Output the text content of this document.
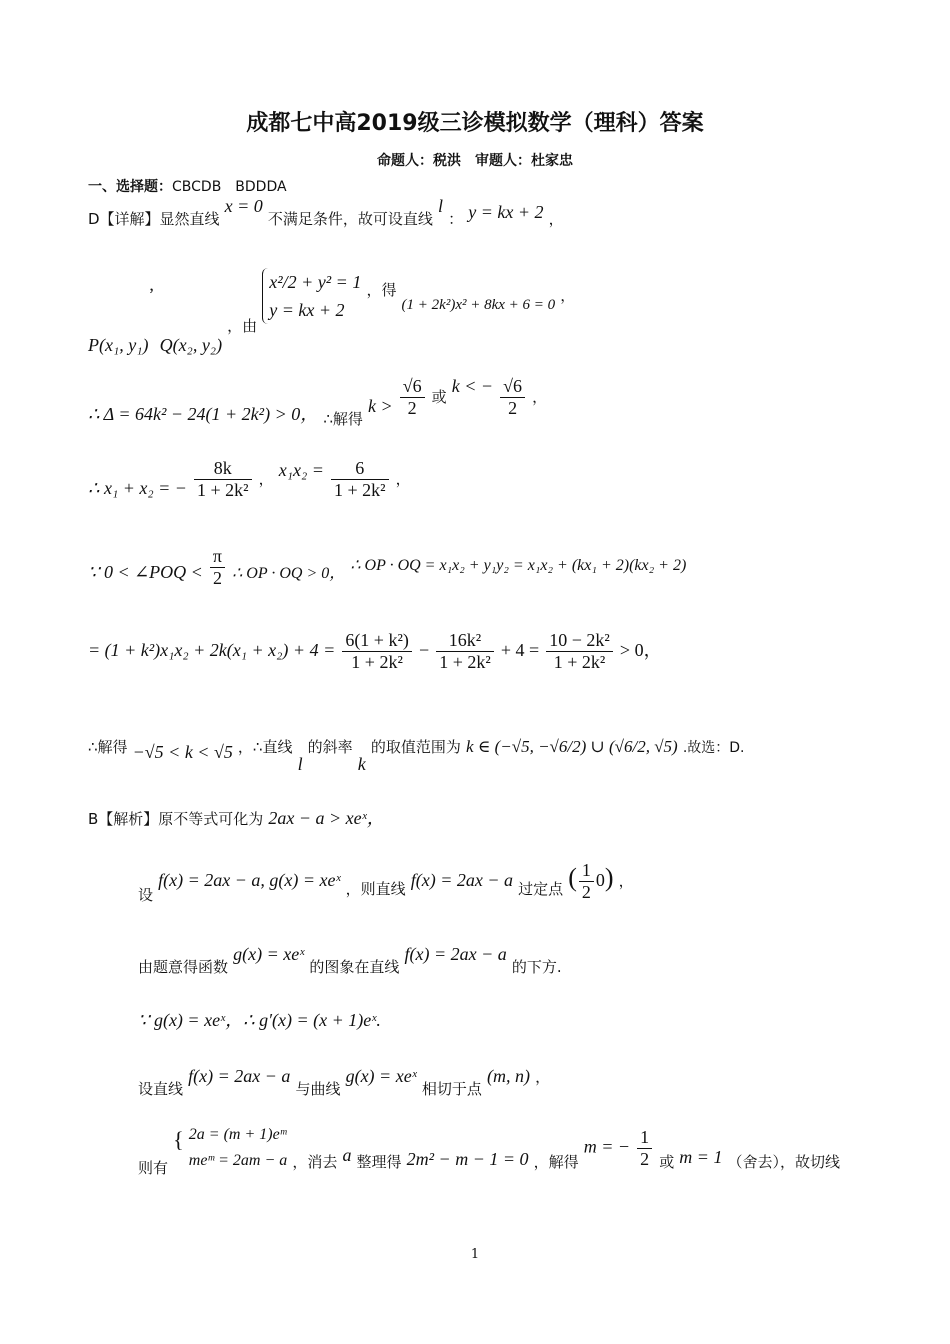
成都七中高2019级三诊模拟数学（理科）答案
命题人：税洪　审题人：杜家忠
一、选择题：CBCDB　BDDDA
D【详解】显然直线 x = 0 不满足条件，故可设直线 l ： y = kx + 2 ，
P(x₁, y₁)’ Q(x₂, y₂) ，由
x²/2 + y² = 1
y = kx + 2
，得 (1 + 2k²)x² + 8kx + 6 = 0 ，
∴ Δ = 64k² − 24(1 + 2k²) > 0， ∴解得 $k > \frac{√6}{2}$ 或 k < − $\frac{√6}{2}$ ，
∴ x₁ + x₂ = − $\frac{8k}{\text{1 + 2k²}}$ ， $x_1x_2 = \frac{6}{\text{1 + 2k²}}$ ，
∵ 0 < ∠POQ < $\frac{\pi}{2}$ ∴ OP · OQ > 0， ∴ OP · OQ = x₁x₂ + y₁y₂ = x₁x₂ + (kx₁ + 2)(kx₂ + 2)
= $(1 + k^2)x_1x_2 + 2k(x_1 + x_2) + 4 = \frac{\text{6(1 + k²)}}{\text{1 + 2k²}} - \frac{\text{16k²}}{\text{1 + 2k²}} + 4 = \frac{\text{10 − 2k²}}{\text{1 + 2k²}} > 0$，
∴解得 −√5 < k < √5 ，∴直线 l 的斜率 k 的取值范围为 k ∈ (−√5, −√6/2) ∪ (√6/2, √5) .故选：D.
B【解析】原不等式可化为 2ax − a > xeˣ，
设 f(x) = 2ax − a, g(x) = xeˣ ，则直线 f(x) = 2ax − a 过定点 ( $\frac{1}{2} 0$) ，
由题意得函数 g(x) = xeˣ 的图象在直线 f(x) = 2ax − a 的下方.
∵ g(x) = xeˣ，∴ g′(x) = (x + 1)eˣ.
设直线 f(x) = 2ax − a 与曲线 g(x) = xeˣ 相切于点 (m, n) ，
则有 { 2a = (m + 1)eᵐ
meᵐ = 2am − a ，消去 a 整理得 2m² − m − 1 = 0 ，解得 m = − $\frac{1}{2}$ 或 m = 1 （舍去），故切线
1
